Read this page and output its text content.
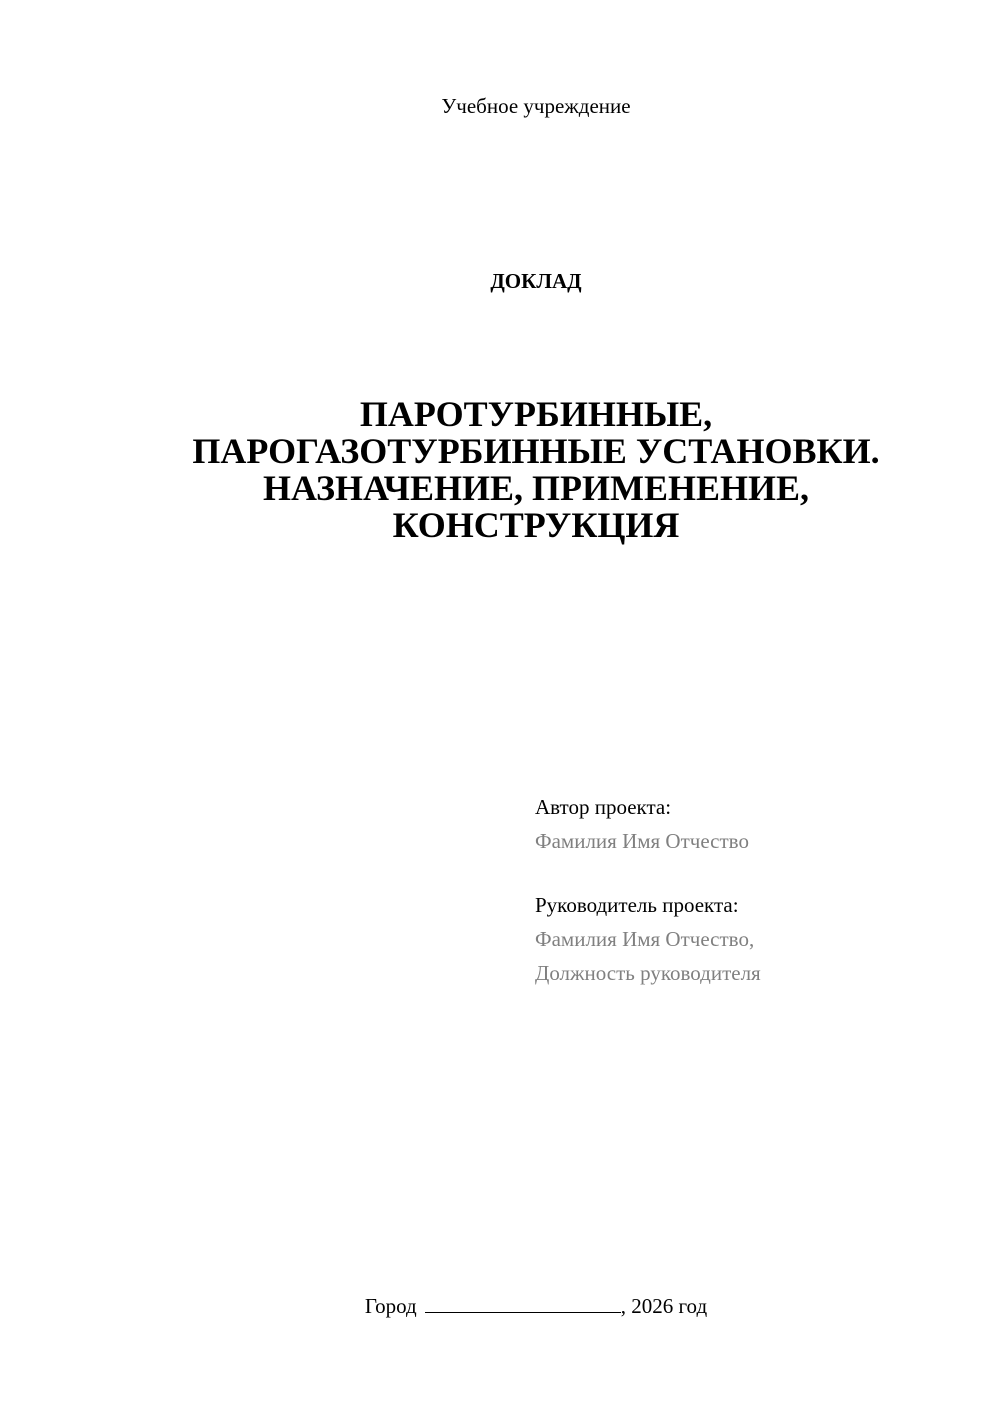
Учебное учреждение
ДОКЛАД
ПАРОТУРБИННЫЕ,
ПАРОГАЗОТУРБИННЫЕ УСТАНОВКИ.
НАЗНАЧЕНИЕ, ПРИМЕНЕНИЕ,
КОНСТРУКЦИЯ
Автор проекта:
Фамилия Имя Отчество
Руководитель проекта:
Фамилия Имя Отчество,
Должность руководителя
Город	, 2026 год
